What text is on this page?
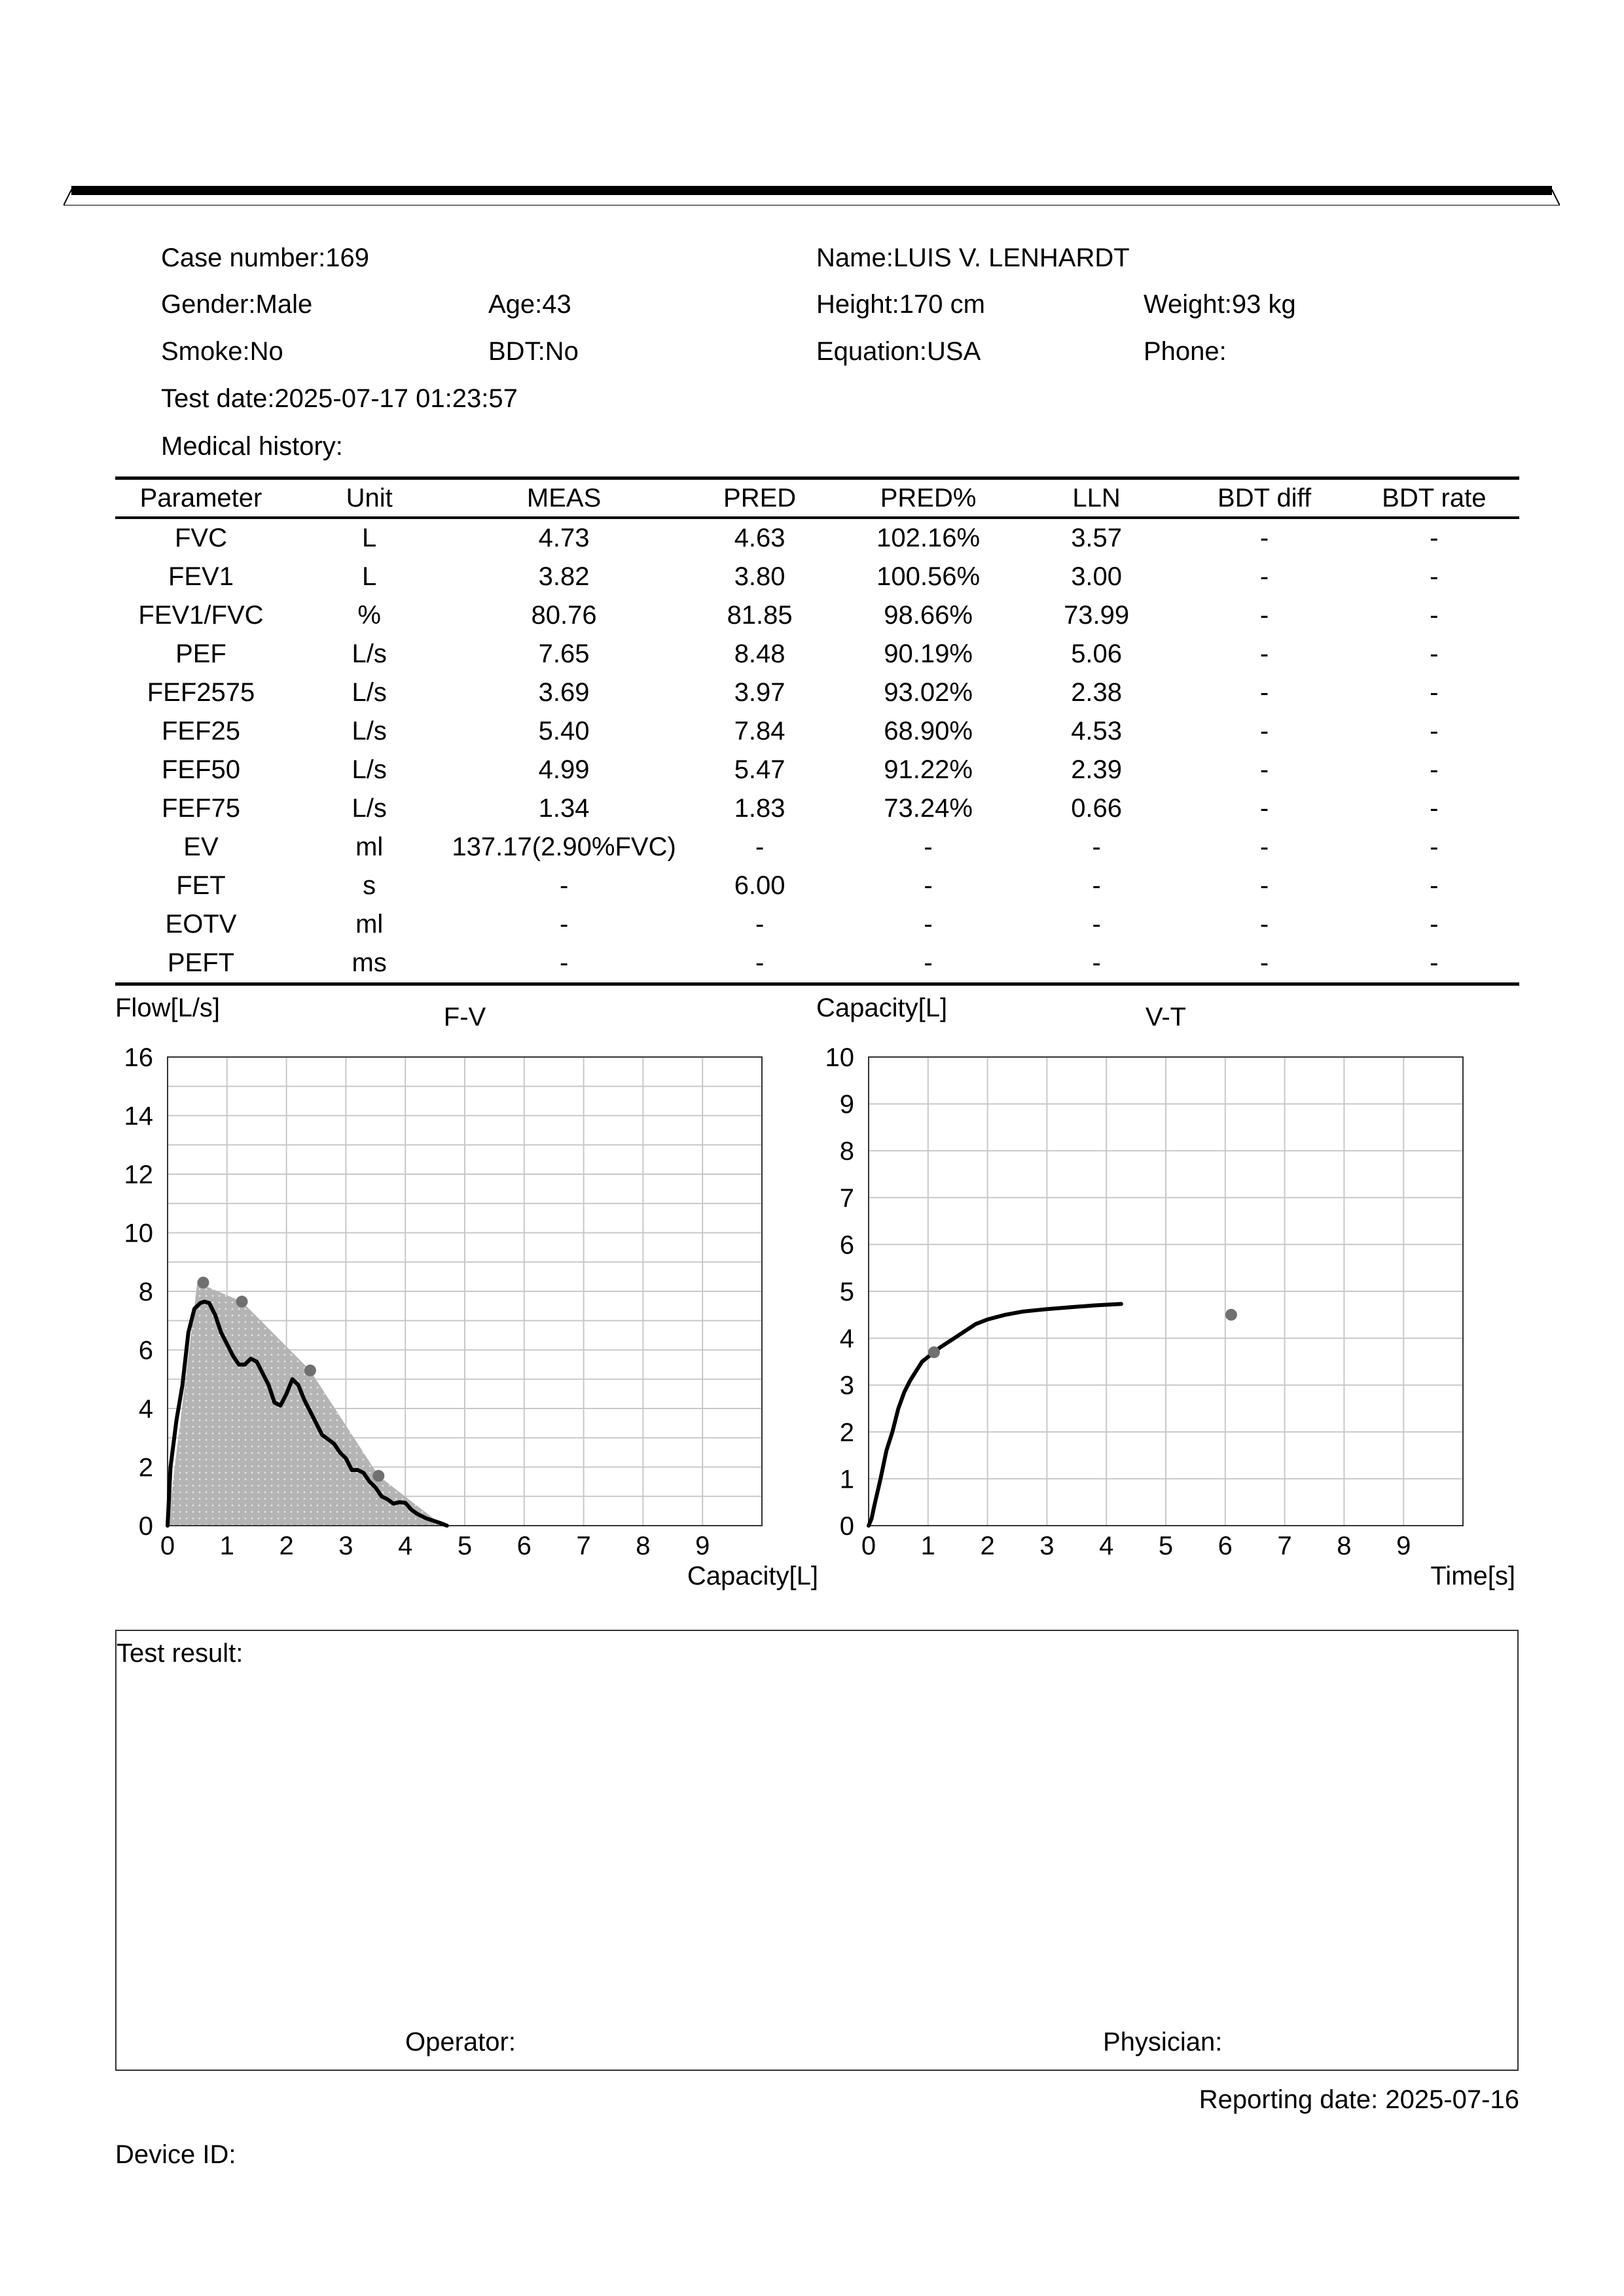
Case number:169	Name:LUIS V. LENHARDT
Gender:Male	Age:43	Height:170 cm	Weight:93 kg
Smoke:No	BDT:No	Equation:USA	Phone:
Test date:2025-07-17 01:23:57
Medical history:
Parameter	Unit	MEAS	PRED	PRED%	LLN	BDT diff	BDT rate
FVC	L	4.73	4.63	102.16%	3.57	-	-
FEV1	L	3.82	3.80	100.56%	3.00	-	-
FEV1/FVC	%	80.76	81.85	98.66%	73.99	-	-
PEF	L/s	7.65	8.48	90.19%	5.06	-	-
FEF2575	L/s	3.69	3.97	93.02%	2.38	-	-
FEF25	L/s	5.40	7.84	68.90%	4.53	-	-
FEF50	L/s	4.99	5.47	91.22%	2.39	-	-
FEF75	L/s	1.34	1.83	73.24%	0.66	-	-
EV	ml	137.17(2.90%FVC)	-	-	-	-	-
FET	s	-	6.00	-	-	-	-
EOTV	ml	-	-	-	-	-	-
PEFT	ms	-	-	-	-	-	-
0 1 2 3 4 5 6 7 8 9
0
2
4
6
8
10
12
14
16
F-V
Flow[L/s]
Capacity[L]
0 1 2 3 4 5 6 7 8 9
0
1
2
3
4
5
6
7
8
9
10
V-T
Capacity[L]
Time[s]
Test result:
Operator:	Physician:
Reporting date: 2025-07-16
Device ID:
